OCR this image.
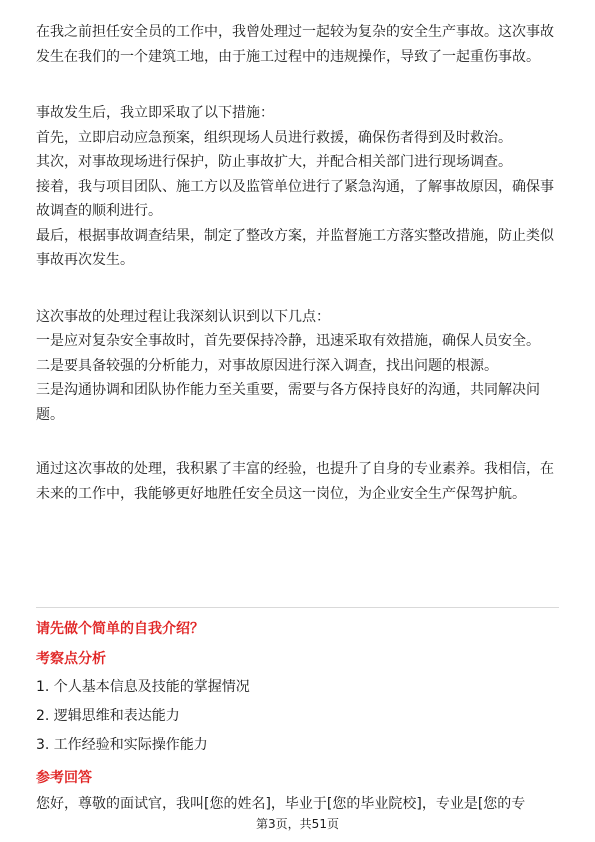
在我之前担任安全员的工作中，我曾处理过一起较为复杂的安全生产事故。这次事故发生在我们的一个建筑工地，由于施工过程中的违规操作，导致了一起重伤事故。

事故发生后，我立即采取了以下措施：

首先，立即启动应急预案，组织现场人员进行救援，确保伤者得到及时救治。

其次，对事故现场进行保护，防止事故扩大，并配合相关部门进行现场调查。

接着，我与项目团队、施工方以及监管单位进行了紧急沟通，了解事故原因，确保事故调查的顺利进行。

最后，根据事故调查结果，制定了整改方案，并监督施工方落实整改措施，防止类似事故再次发生。

这次事故的处理过程让我深刻认识到以下几点：

一是应对复杂安全事故时，首先要保持冷静，迅速采取有效措施，确保人员安全。

二是要具备较强的分析能力，对事故原因进行深入调查，找出问题的根源。

三是沟通协调和团队协作能力至关重要，需要与各方保持良好的沟通，共同解决问题。

通过这次事故的处理，我积累了丰富的经验，也提升了自身的专业素养。我相信，在未来的工作中，我能够更好地胜任安全员这一岗位，为企业安全生产保驾护航。

请先做个简单的自我介绍？

考察点分析

1. 个人基本信息及技能的掌握情况

2. 逻辑思维和表达能力

3. 工作经验和实际操作能力

参考回答

您好，尊敬的面试官，我叫[您的姓名]，毕业于[您的毕业院校]，专业是[您的专

第3页，共51页
